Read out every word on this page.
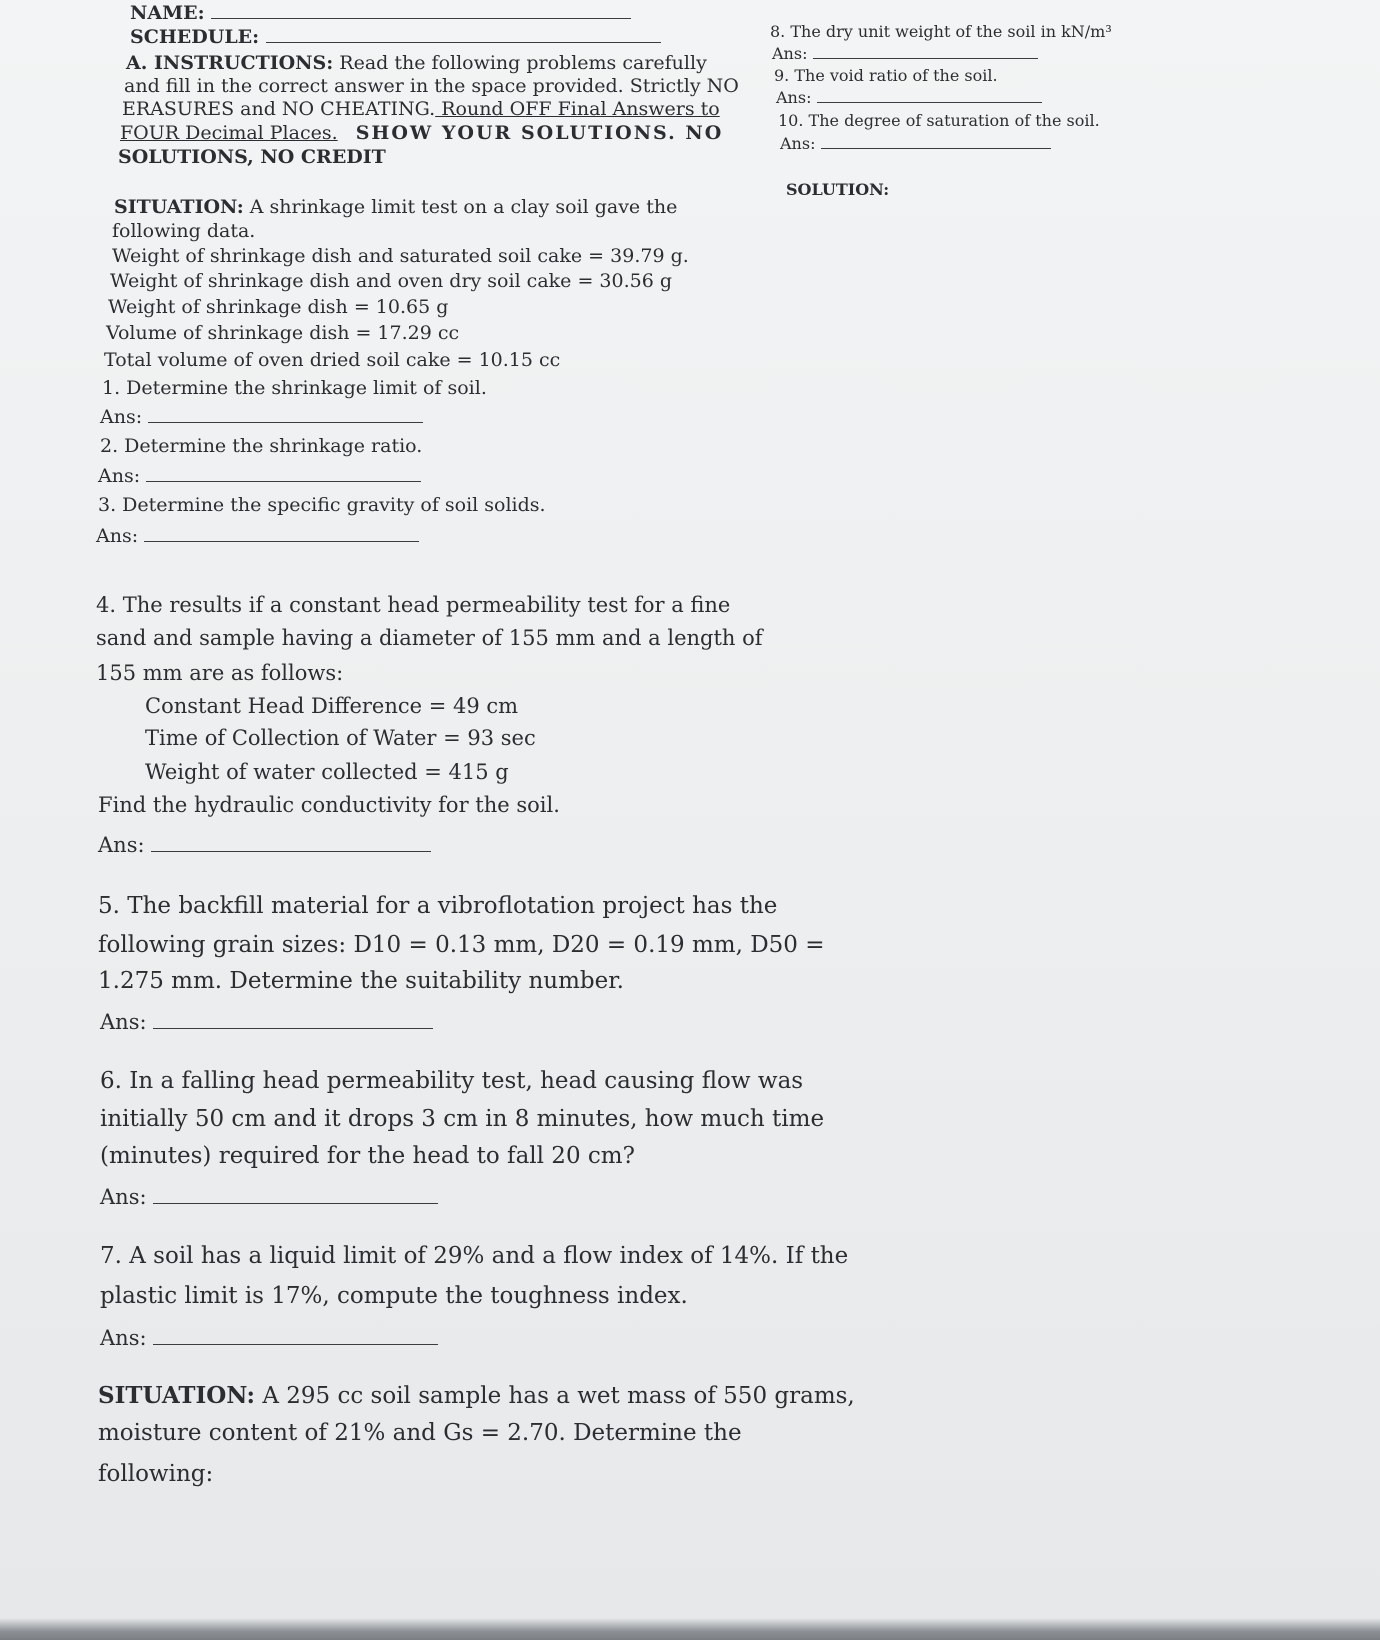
NAME:
SCHEDULE:
A. INSTRUCTIONS: Read the following problems carefully
and fill in the correct answer in the space provided. Strictly NO
ERASURES and NO CHEATING. Round OFF Final Answers to
FOUR Decimal Places. SHOW YOUR SOLUTIONS. NO
SOLUTIONS, NO CREDIT
SITUATION: A shrinkage limit test on a clay soil gave the
following data.
Weight of shrinkage dish and saturated soil cake = 39.79 g.
Weight of shrinkage dish and oven dry soil cake = 30.56 g
Weight of shrinkage dish = 10.65 g
Volume of shrinkage dish = 17.29 cc
Total volume of oven dried soil cake = 10.15 cc
1. Determine the shrinkage limit of soil.
Ans:
2. Determine the shrinkage ratio.
Ans:
3. Determine the specific gravity of soil solids.
Ans:
4. The results if a constant head permeability test for a fine
sand and sample having a diameter of 155 mm and a length of
155 mm are as follows:
Constant Head Difference = 49 cm
Time of Collection of Water = 93 sec
Weight of water collected = 415 g
Find the hydraulic conductivity for the soil.
Ans:
5. The backfill material for a vibroflotation project has the
following grain sizes: D10 = 0.13 mm, D20 = 0.19 mm, D50 =
1.275 mm. Determine the suitability number.
Ans:
6. In a falling head permeability test, head causing flow was
initially 50 cm and it drops 3 cm in 8 minutes, how much time
(minutes) required for the head to fall 20 cm?
Ans:
7. A soil has a liquid limit of 29% and a flow index of 14%. If the
plastic limit is 17%, compute the toughness index.
Ans:
SITUATION: A 295 cc soil sample has a wet mass of 550 grams,
moisture content of 21% and Gs = 2.70. Determine the
following:
8. The dry unit weight of the soil in kN/m³
Ans:
9. The void ratio of the soil.
Ans:
10. The degree of saturation of the soil.
Ans:
SOLUTION:
